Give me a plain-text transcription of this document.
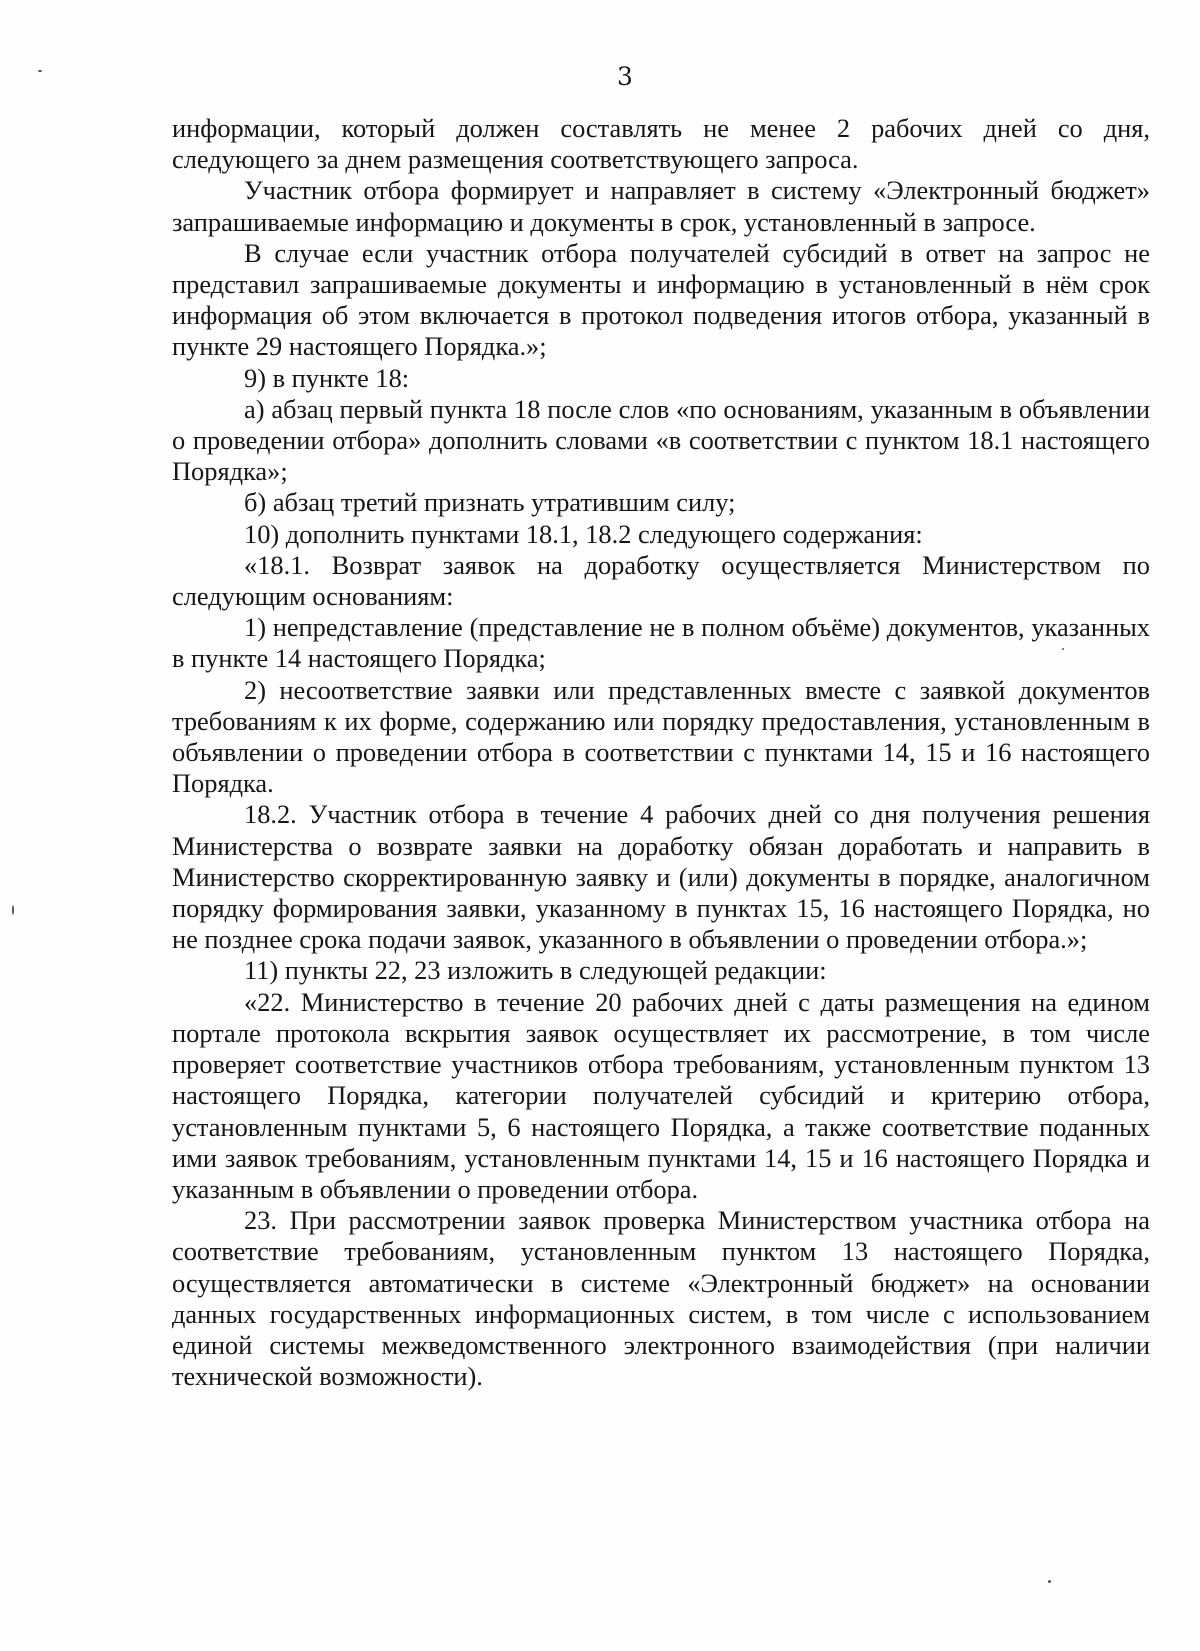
3

информации, который должен составлять не менее 2 рабочих дней со дня, следующего за днем размещения соответствующего запроса.

Участник отбора формирует и направляет в систему «Электронный бюджет» запрашиваемые информацию и документы в срок, установленный в запросе.

В случае если участник отбора получателей субсидий в ответ на запрос не представил запрашиваемые документы и информацию в установленный в нём срок информация об этом включается в протокол подведения итогов отбора, указанный в пункте 29 настоящего Порядка.»;

9) в пункте 18:

а) абзац первый пункта 18 после слов «по основаниям, указанным в объявлении о проведении отбора» дополнить словами «в соответствии с пунктом 18.1 настоящего Порядка»;

б) абзац третий признать утратившим силу;

10) дополнить пунктами 18.1, 18.2 следующего содержания:

«18.1. Возврат заявок на доработку осуществляется Министерством по следующим основаниям:

1) непредставление (представление не в полном объёме) документов, указанных в пункте 14 настоящего Порядка;

2) несоответствие заявки или представленных вместе с заявкой документов требованиям к их форме, содержанию или порядку предоставления, установленным в объявлении о проведении отбора в соответствии с пунктами 14, 15 и 16 настоящего Порядка.

18.2. Участник отбора в течение 4 рабочих дней со дня получения решения Министерства о возврате заявки на доработку обязан доработать и направить в Министерство скорректированную заявку и (или) документы в порядке, аналогичном порядку формирования заявки, указанному в пунктах 15, 16 настоящего Порядка, но не позднее срока подачи заявок, указанного в объявлении о проведении отбора.»;

11) пункты 22, 23 изложить в следующей редакции:

«22. Министерство в течение 20 рабочих дней с даты размещения на едином портале протокола вскрытия заявок осуществляет их рассмотрение, в том числе проверяет соответствие участников отбора требованиям, установленным пунктом 13 настоящего Порядка, категории получателей субсидий и критерию отбора, установленным пунктами 5, 6 настоящего Порядка, а также соответствие поданных ими заявок требованиям, установленным пунктами 14, 15 и 16 настоящего Порядка и указанным в объявлении о проведении отбора.

23. При рассмотрении заявок проверка Министерством участника отбора на соответствие требованиям, установленным пунктом 13 настоящего Порядка, осуществляется автоматически в системе «Электронный бюджет» на основании данных государственных информационных систем, в том числе с использованием единой системы межведомственного электронного взаимодействия (при наличии технической возможности).
